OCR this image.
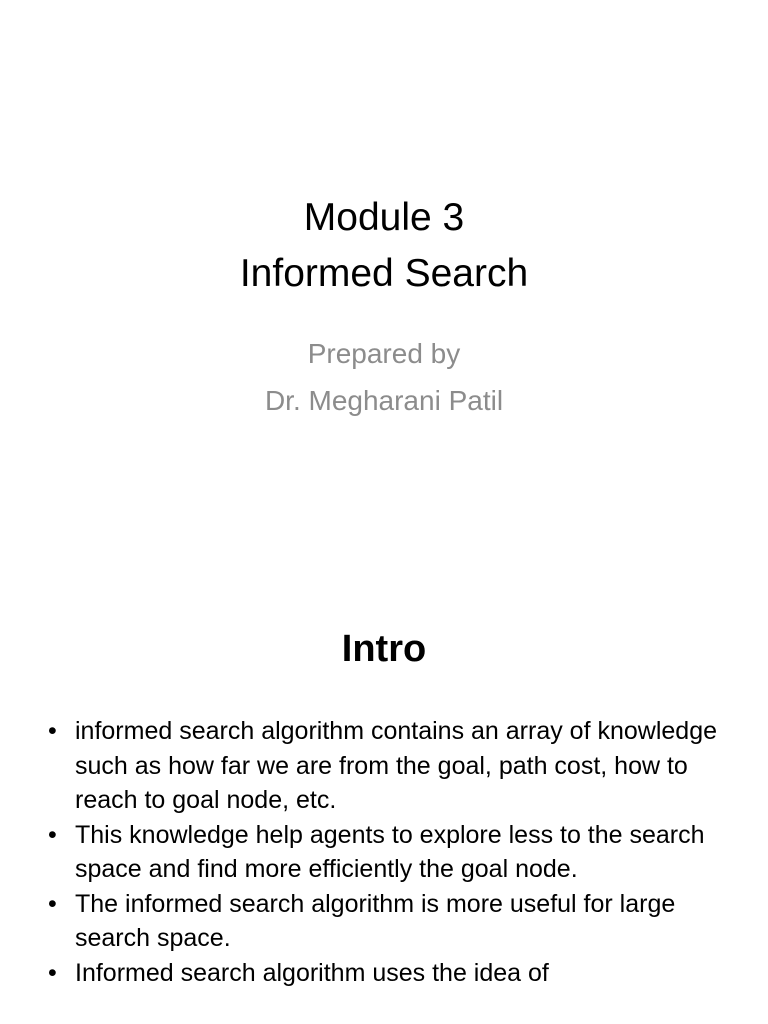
Module 3
Informed Search
Prepared by
Dr. Megharani Patil
Intro
• informed search algorithm contains an array of knowledge such as how far we are from the goal, path cost, how to reach to goal node, etc.
• This knowledge help agents to explore less to the search space and find more efficiently the goal node.
• The informed search algorithm is more useful for large search space.
• Informed search algorithm uses the idea of
